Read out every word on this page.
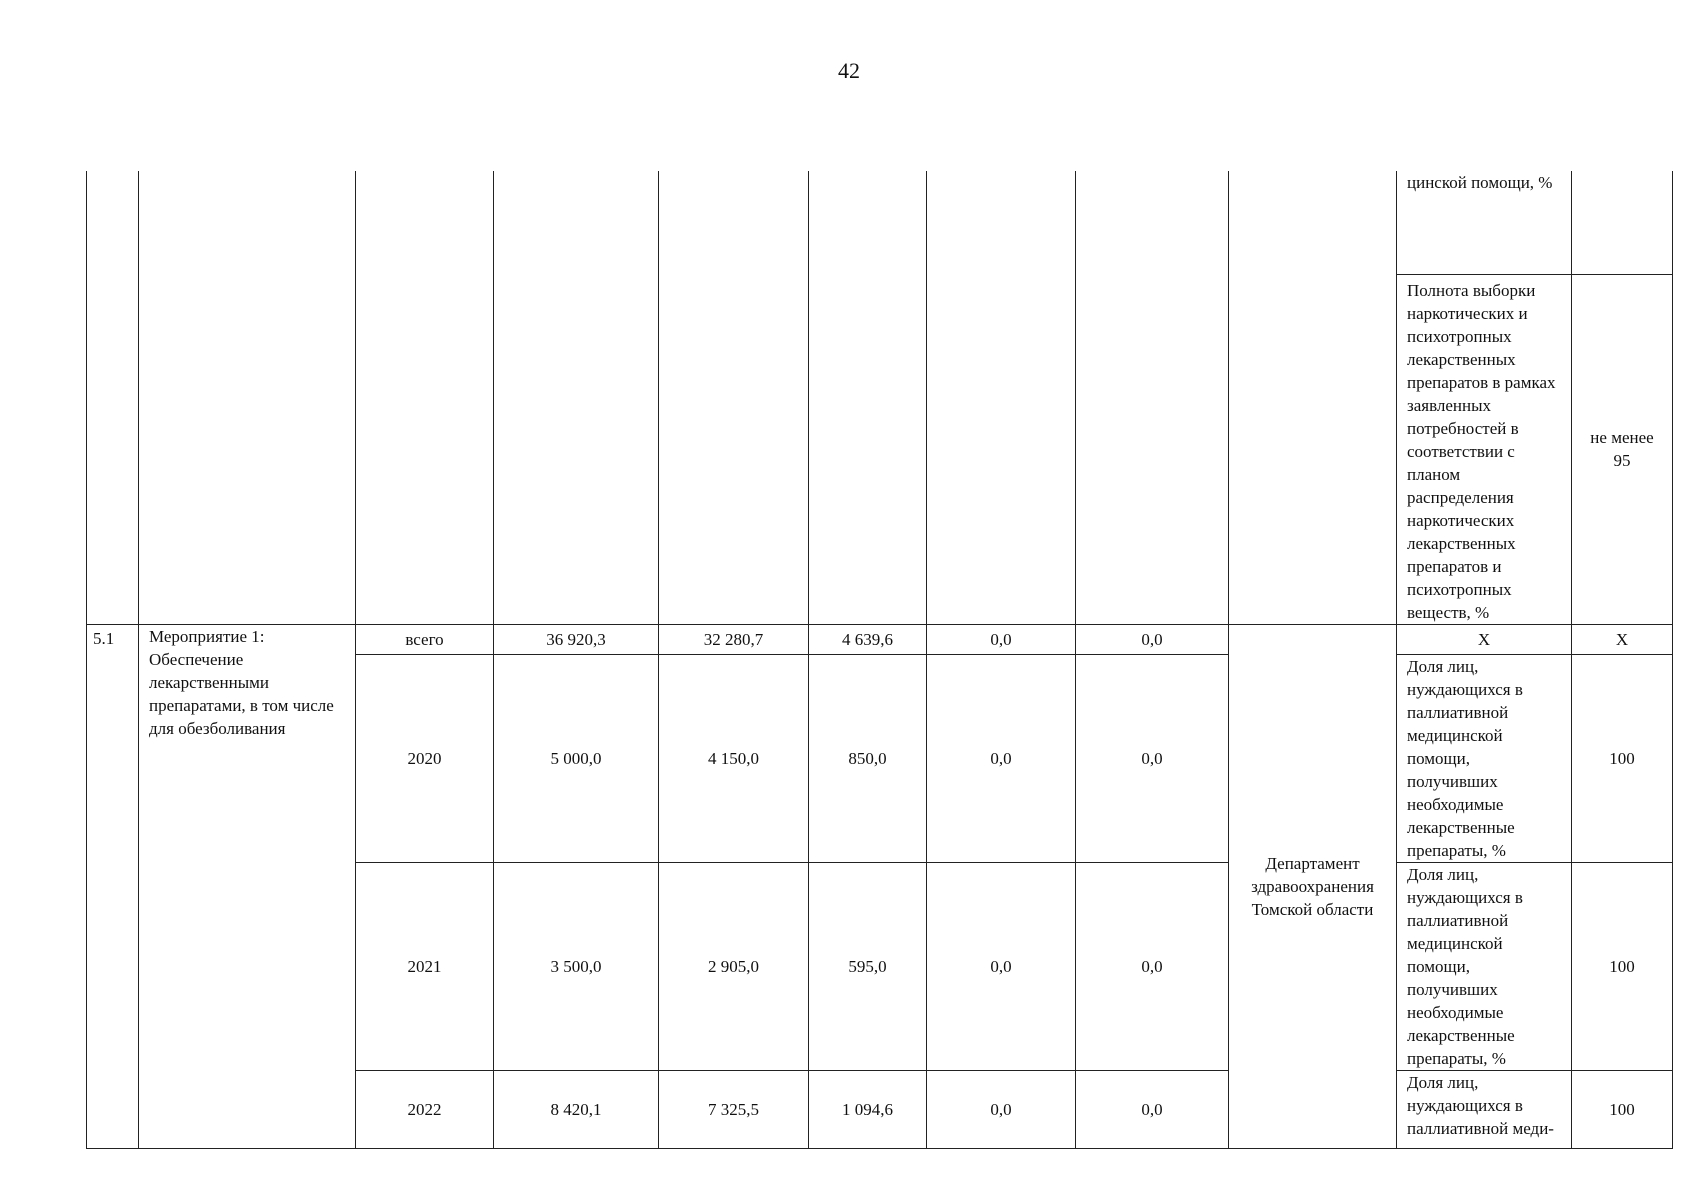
42
									цинской помощи, %	
									Полнота выборки наркотических и психотропных лекарственных препаратов в рамках заявленных потребностей в соответствии с планом распределения наркотических лекарственных препаратов и психотропных веществ, %	не менее 95
5.1	Мероприятие 1: Обеспечение лекарственными препаратами, в том числе для обезболивания	всего	36 920,3	32 280,7	4 639,6	0,0	0,0	Департамент здравоохранения Томской области	Х	Х
		2020	5 000,0	4 150,0	850,0	0,0	0,0		Доля лиц, нуждающихся в паллиативной медицинской помощи, получивших необходимые лекарственные препараты, %	100
		2021	3 500,0	2 905,0	595,0	0,0	0,0		Доля лиц, нуждающихся в паллиативной медицинской помощи, получивших необходимые лекарственные препараты, %	100
		2022	8 420,1	7 325,5	1 094,6	0,0	0,0		Доля лиц, нуждающихся в паллиативной меди-	100
